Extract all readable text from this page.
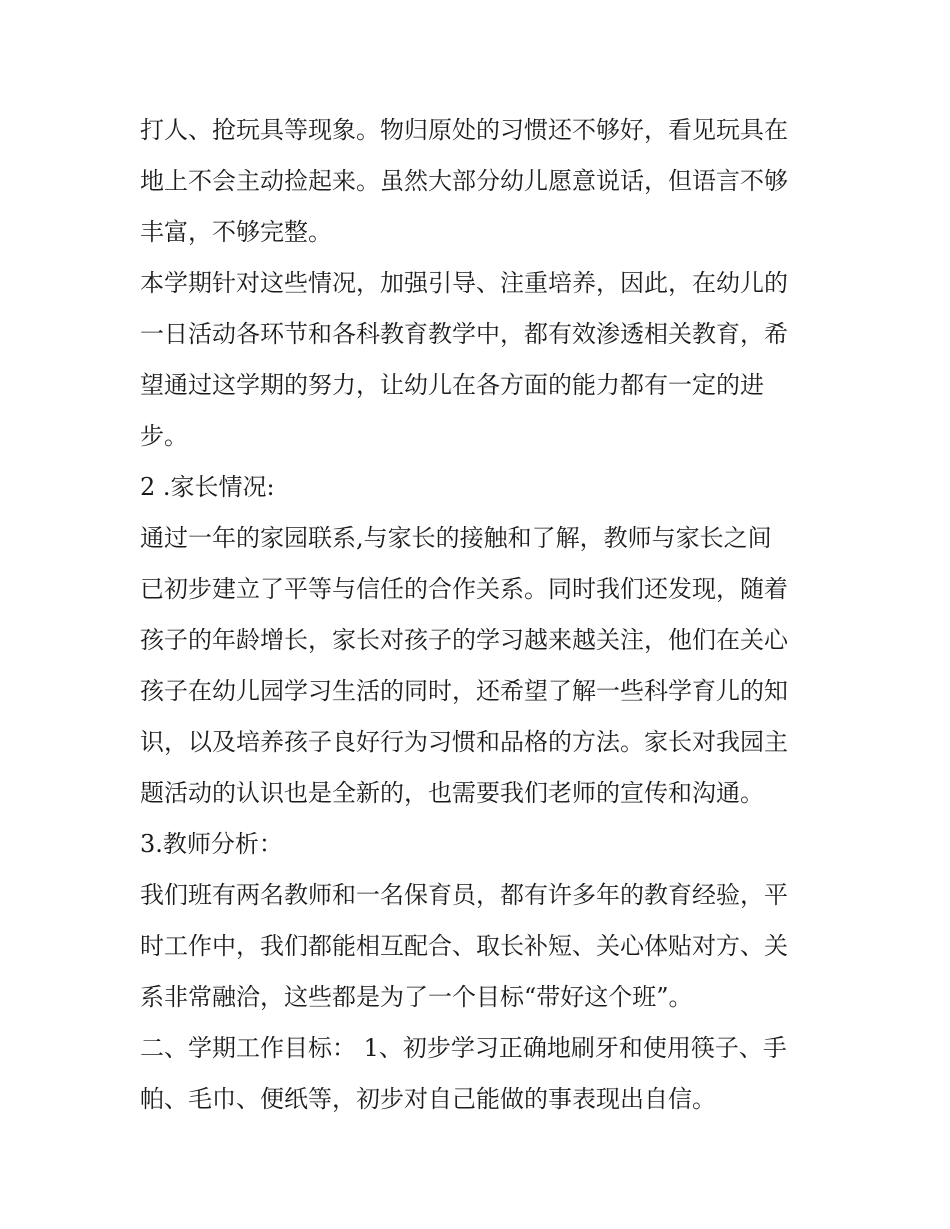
打人、抢玩具等现象。物归原处的习惯还不够好，看见玩具在

地上不会主动捡起来。虽然大部分幼儿愿意说话，但语言不够

丰富，不够完整。

本学期针对这些情况，加强引导、注重培养，因此，在幼儿的

一日活动各环节和各科教育教学中，都有效渗透相关教育，希

望通过这学期的努力，让幼儿在各方面的能力都有一定的进

步。

2 .家长情况:

通过一年的家园联系,与家长的接触和了解，教师与家长之间

已初步建立了平等与信任的合作关系。同时我们还发现，随着

孩子的年龄增长，家长对孩子的学习越来越关注，他们在关心

孩子在幼儿园学习生活的同时，还希望了解一些科学育儿的知

识，以及培养孩子良好行为习惯和品格的方法。家长对我园主

题活动的认识也是全新的，也需要我们老师的宣传和沟通。

3.教师分析：

我们班有两名教师和一名保育员，都有许多年的教育经验，平

时工作中，我们都能相互配合、取长补短、关心体贴对方、关

系非常融洽，这些都是为了一个目标“带好这个班”。

二、学期工作目标： 1、初步学习正确地刷牙和使用筷子、手

帕、毛巾、便纸等，初步对自己能做的事表现出自信。
